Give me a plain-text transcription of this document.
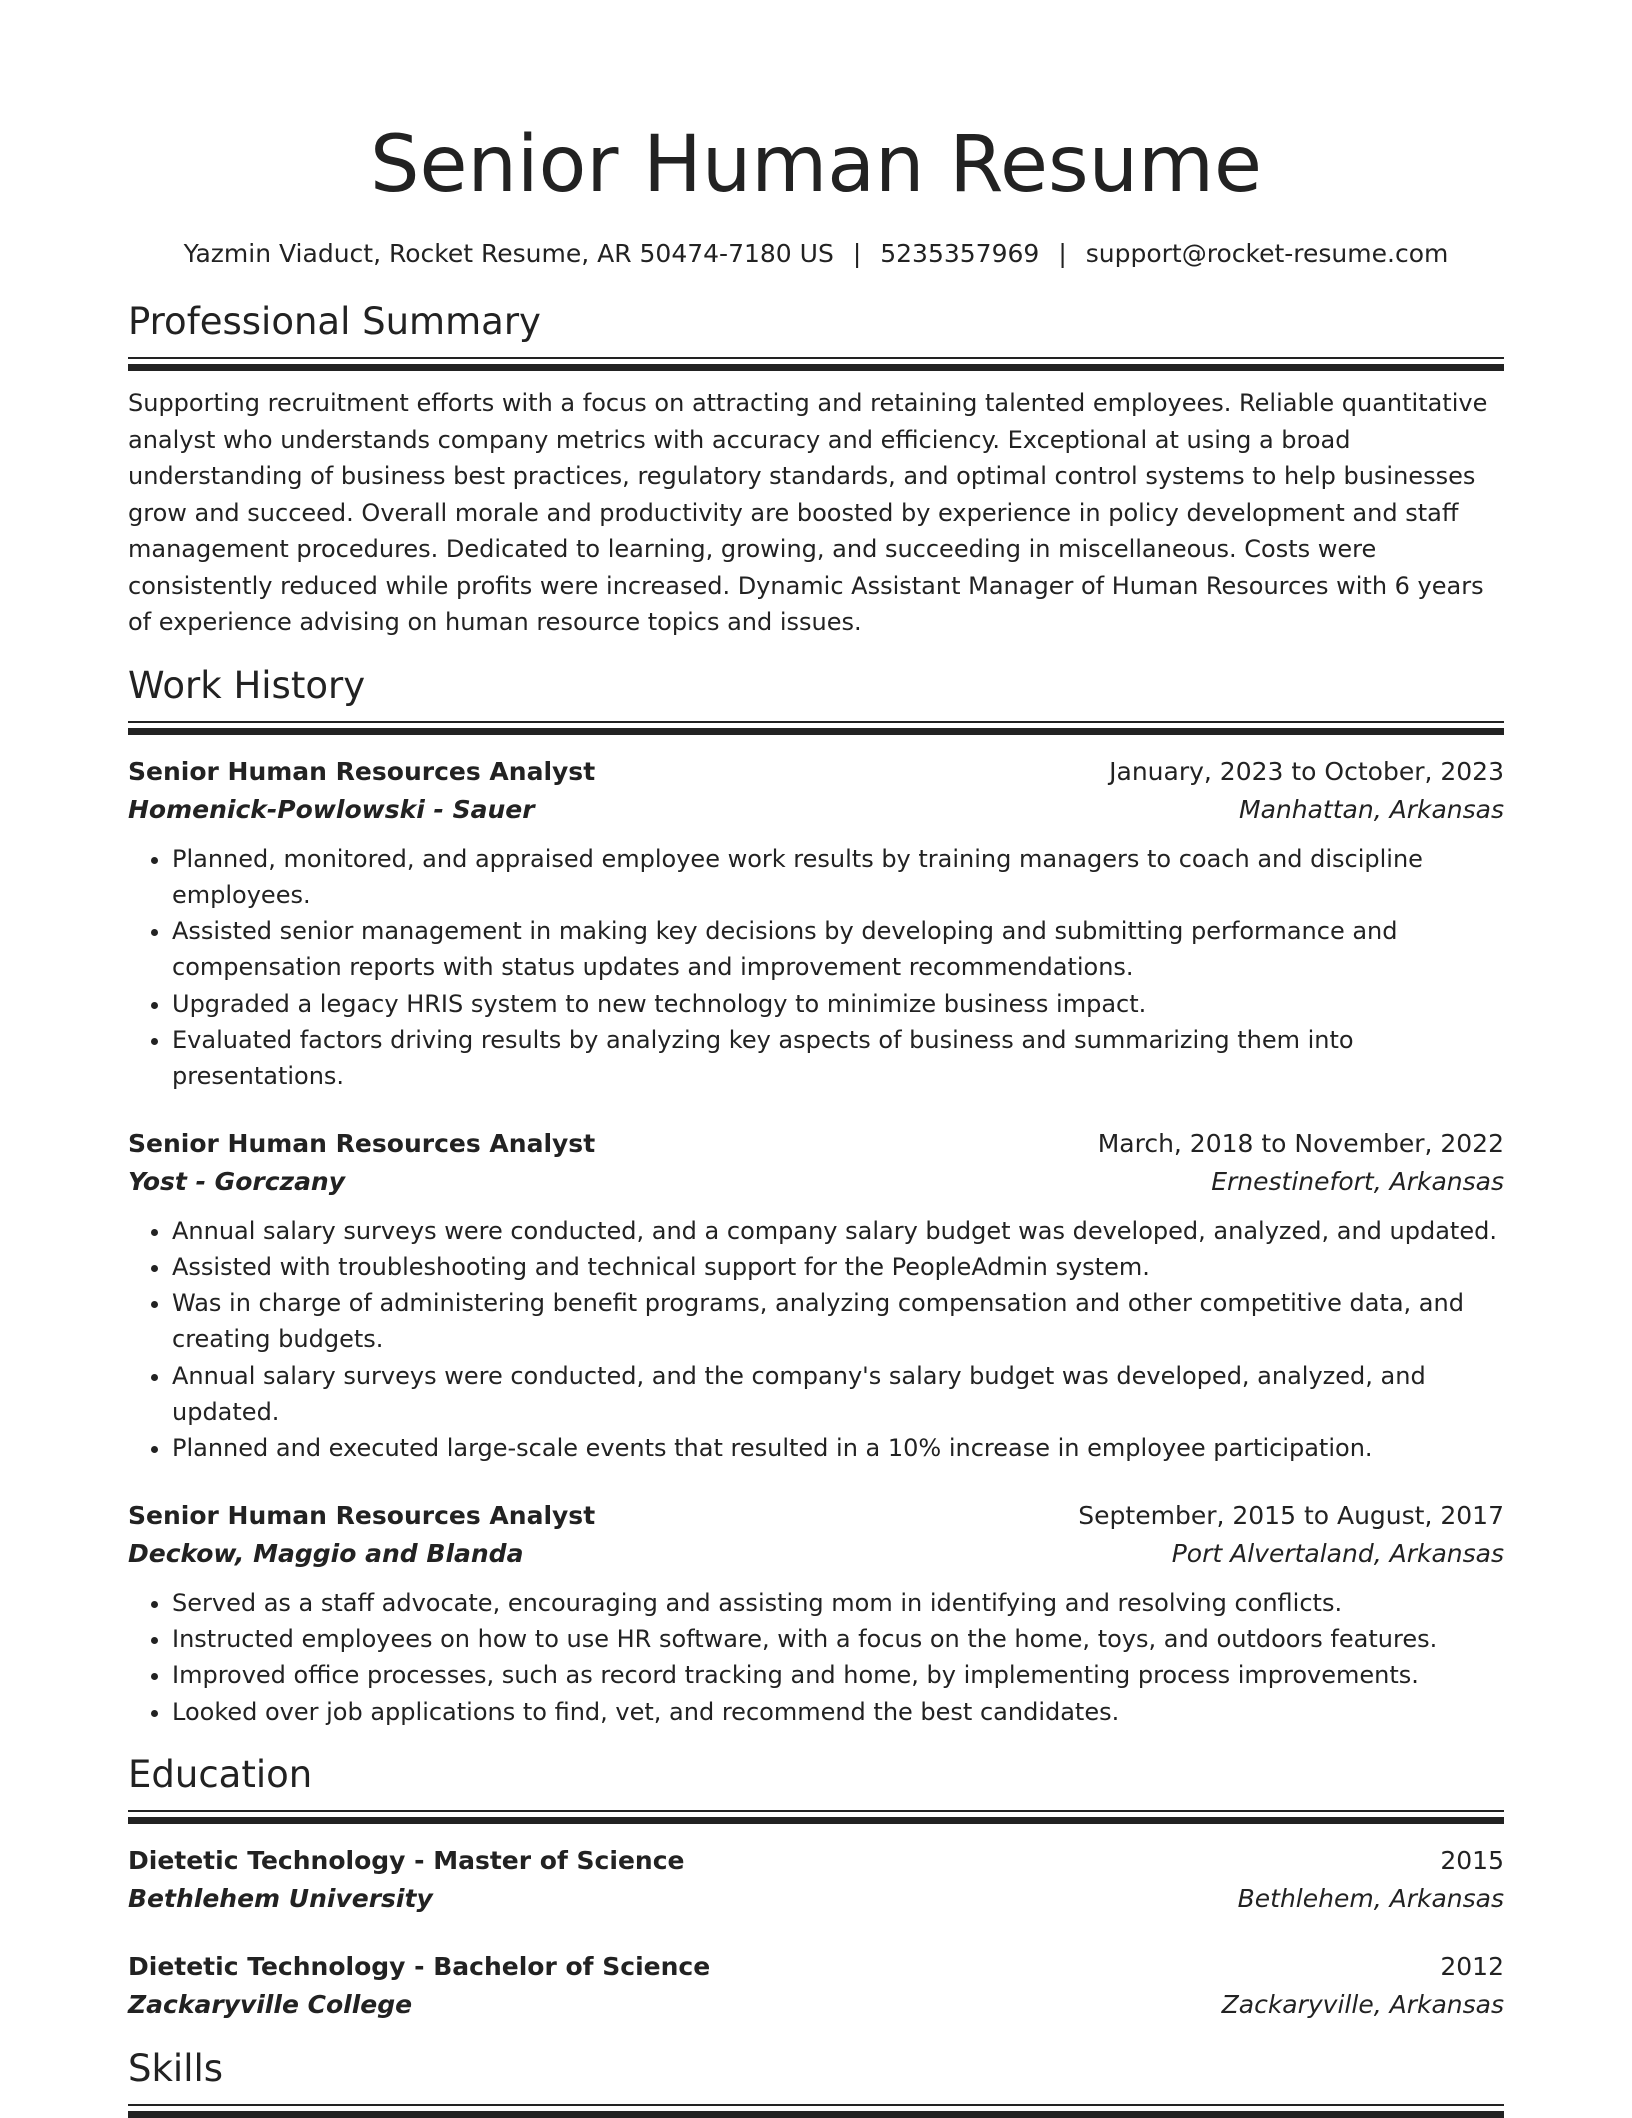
Senior Human Resume
Yazmin Viaduct, Rocket Resume, AR 50474-7180 US | 5235357969 | support@rocket-resume.com
Professional Summary

Supporting recruitment efforts with a focus on attracting and retaining talented employees. Reliable quantitative analyst who understands company metrics with accuracy and efficiency. Exceptional at using a broad understanding of business best practices, regulatory standards, and optimal control systems to help businesses grow and succeed. Overall morale and productivity are boosted by experience in policy development and staff management procedures. Dedicated to learning, growing, and succeeding in miscellaneous. Costs were consistently reduced while profits were increased. Dynamic Assistant Manager of Human Resources with 6 years of experience advising on human resource topics and issues.

Work History
Senior Human Resources Analyst	January, 2023 to October, 2023
Homenick-Powlowski - Sauer	Manhattan, Arkansas
• Planned, monitored, and appraised employee work results by training managers to coach and discipline employees.
• Assisted senior management in making key decisions by developing and submitting performance and compensation reports with status updates and improvement recommendations.
• Upgraded a legacy HRIS system to new technology to minimize business impact.
• Evaluated factors driving results by analyzing key aspects of business and summarizing them into presentations.
Senior Human Resources Analyst	March, 2018 to November, 2022
Yost - Gorczany	Ernestinefort, Arkansas
• Annual salary surveys were conducted, and a company salary budget was developed, analyzed, and updated.
• Assisted with troubleshooting and technical support for the PeopleAdmin system.
• Was in charge of administering benefit programs, analyzing compensation and other competitive data, and creating budgets.
• Annual salary surveys were conducted, and the company's salary budget was developed, analyzed, and updated.
• Planned and executed large-scale events that resulted in a 10% increase in employee participation.
Senior Human Resources Analyst	September, 2015 to August, 2017
Deckow, Maggio and Blanda	Port Alvertaland, Arkansas
• Served as a staff advocate, encouraging and assisting mom in identifying and resolving conflicts.
• Instructed employees on how to use HR software, with a focus on the home, toys, and outdoors features.
• Improved office processes, such as record tracking and home, by implementing process improvements.
• Looked over job applications to find, vet, and recommend the best candidates.
Education
Dietetic Technology - Master of Science	2015
Bethlehem University	Bethlehem, Arkansas
Dietetic Technology - Bachelor of Science	2012
Zackaryville College	Zackaryville, Arkansas
Skills
